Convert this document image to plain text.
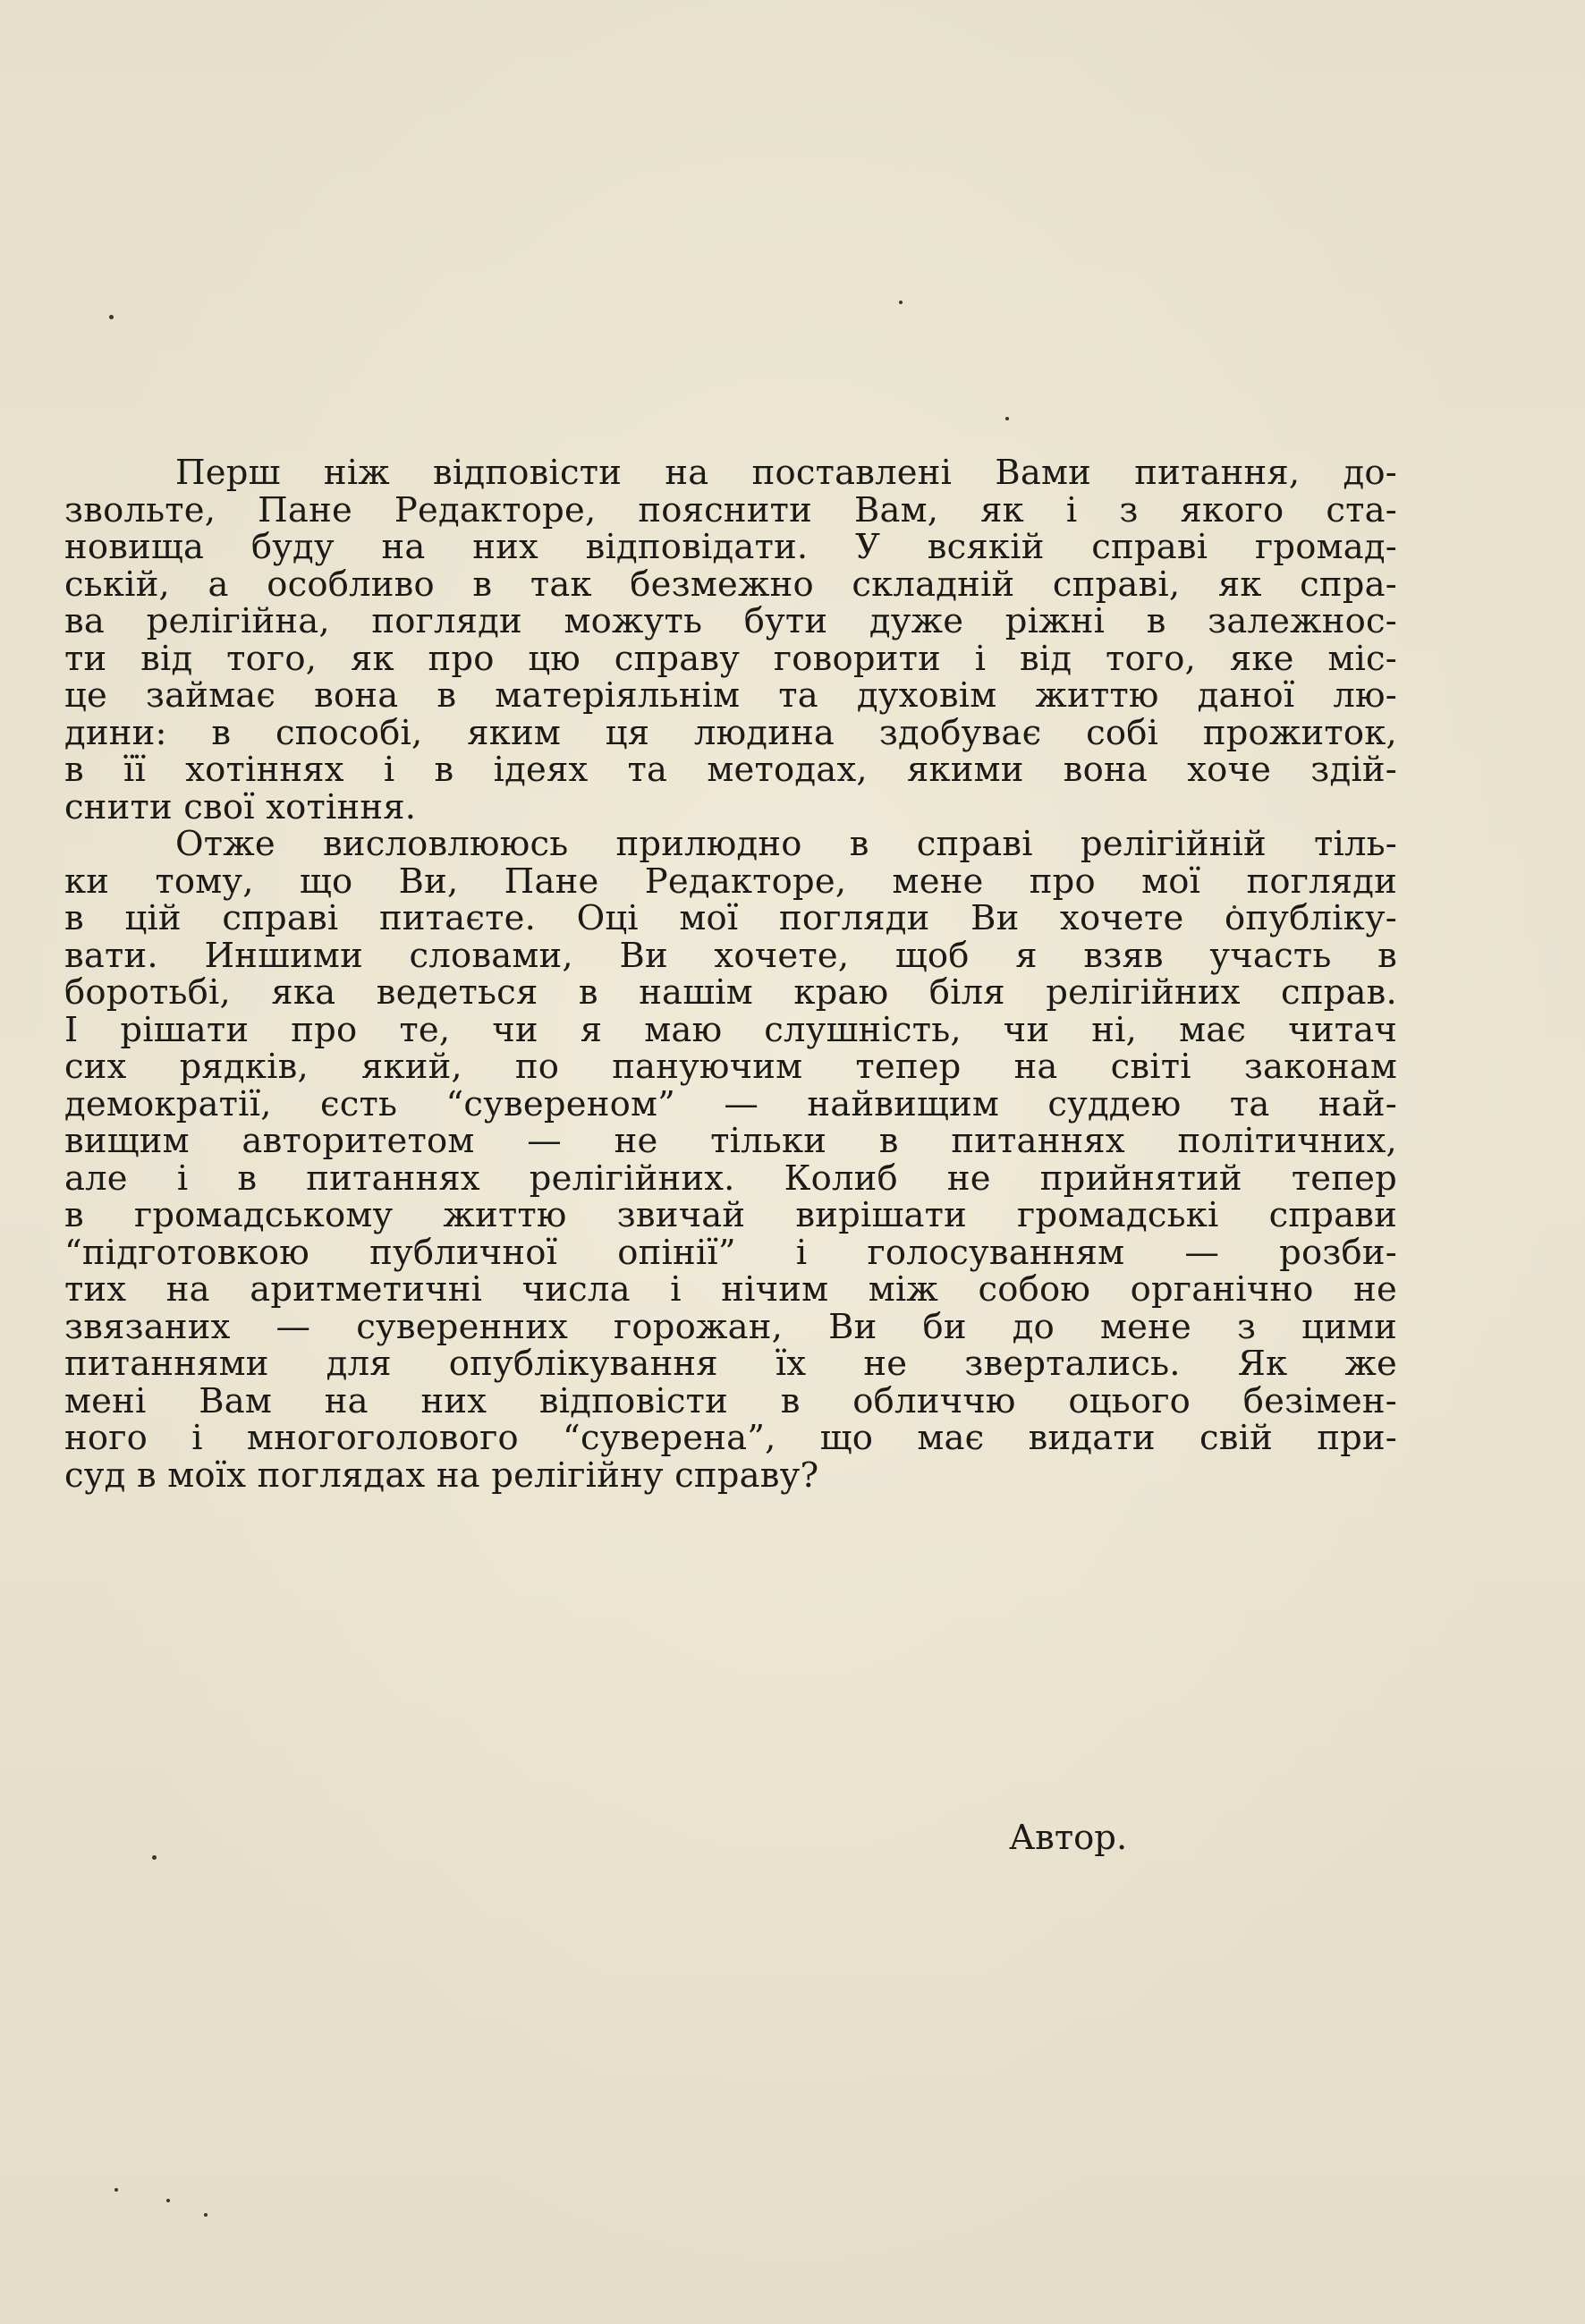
Перш ніж відповісти на поставлені Вами питання, до-
звольте, Пане Редакторе, пояснити Вам, як і з якого ста-
новища буду на них відповідати. У всякій справі громад-
ській, а особливо в так безмежно складній справі, як спра-
ва релігійна, погляди можуть бути дуже ріжні в залежнос-
ти від того, як про цю справу говорити і від того, яке міс-
це займає вона в матеріяльнім та духовім життю даної лю-
дини: в способі, яким ця людина здобуває собі прожиток,
в її хотіннях і в ідеях та методах, якими вона хоче здій-
снити свої хотіння.
Отже висловлююсь прилюдно в справі релігійній тіль-
ки тому, що Ви, Пане Редакторе, мене про мої погляди
в цій справі питаєте. Оці мої погляди Ви хочете опубліку-
вати. Иншими словами, Ви хочете, щоб я взяв участь в
боротьбі, яка ведеться в нашім краю біля релігійних справ.
І рішати про те, чи я маю слушність, чи ні, має читач
сих рядків, який, по пануючим тепер на світі законам
демократії, єсть “сувереном” — найвищим суддею та най-
вищим авторитетом — не тільки в питаннях політичних,
але і в питаннях релігійних. Колиб не прийнятий тепер
в громадському життю звичай вирішати громадські справи
“підготовкою публичної опінії” і голосуванням — розби-
тих на аритметичні числа і нічим між собою органічно не
звязаних — суверенних горожан, Ви би до мене з цими
питаннями для опублікування їх не звертались. Як же
мені Вам на них відповісти в обличчю оцього безімен-
ного і многоголового “суверена”, що має видати свій при-
суд в моїх поглядах на релігійну справу?
Автор.
